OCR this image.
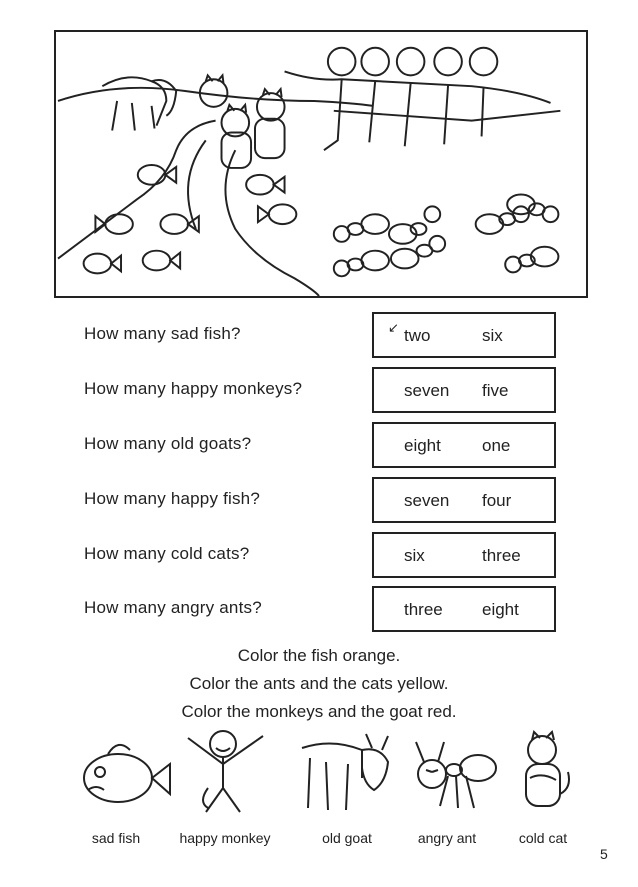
How many sad fish?	↙ two	six
How many happy monkeys?	seven five
How many old goats?	eight one
How many happy fish?	seven four
How many cold cats?	six	three
How many angry ants?	three eight
Color the fish orange.
Color the ants and the cats yellow.
Color the monkeys and the goat red.
sad fish	happy monkey	old goat	angry ant	cold cat
5
